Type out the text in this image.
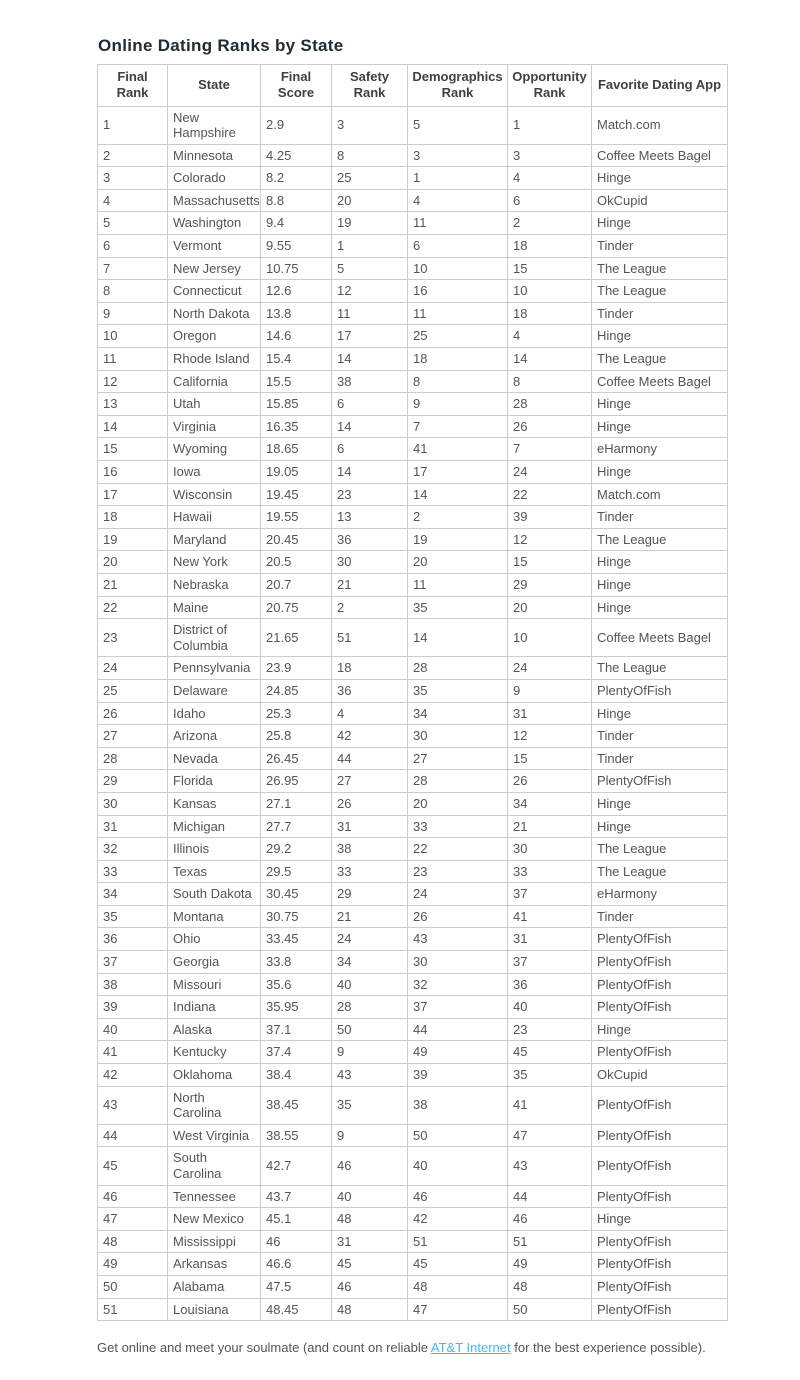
Online Dating Ranks by State
Final Rank	State	Final Score	Safety Rank	Demographics Rank	Opportunity Rank	Favorite Dating App
1	New Hampshire	2.9	3	5	1	Match.com
2	Minnesota	4.25	8	3	3	Coffee Meets Bagel
3	Colorado	8.2	25	1	4	Hinge
4	Massachusetts	8.8	20	4	6	OkCupid
5	Washington	9.4	19	11	2	Hinge
6	Vermont	9.55	1	6	18	Tinder
7	New Jersey	10.75	5	10	15	The League
8	Connecticut	12.6	12	16	10	The League
9	North Dakota	13.8	11	11	18	Tinder
10	Oregon	14.6	17	25	4	Hinge
11	Rhode Island	15.4	14	18	14	The League
12	California	15.5	38	8	8	Coffee Meets Bagel
13	Utah	15.85	6	9	28	Hinge
14	Virginia	16.35	14	7	26	Hinge
15	Wyoming	18.65	6	41	7	eHarmony
16	Iowa	19.05	14	17	24	Hinge
17	Wisconsin	19.45	23	14	22	Match.com
18	Hawaii	19.55	13	2	39	Tinder
19	Maryland	20.45	36	19	12	The League
20	New York	20.5	30	20	15	Hinge
21	Nebraska	20.7	21	11	29	Hinge
22	Maine	20.75	2	35	20	Hinge
23	District of Columbia	21.65	51	14	10	Coffee Meets Bagel
24	Pennsylvania	23.9	18	28	24	The League
25	Delaware	24.85	36	35	9	PlentyOfFish
26	Idaho	25.3	4	34	31	Hinge
27	Arizona	25.8	42	30	12	Tinder
28	Nevada	26.45	44	27	15	Tinder
29	Florida	26.95	27	28	26	PlentyOfFish
30	Kansas	27.1	26	20	34	Hinge
31	Michigan	27.7	31	33	21	Hinge
32	Illinois	29.2	38	22	30	The League
33	Texas	29.5	33	23	33	The League
34	South Dakota	30.45	29	24	37	eHarmony
35	Montana	30.75	21	26	41	Tinder
36	Ohio	33.45	24	43	31	PlentyOfFish
37	Georgia	33.8	34	30	37	PlentyOfFish
38	Missouri	35.6	40	32	36	PlentyOfFish
39	Indiana	35.95	28	37	40	PlentyOfFish
40	Alaska	37.1	50	44	23	Hinge
41	Kentucky	37.4	9	49	45	PlentyOfFish
42	Oklahoma	38.4	43	39	35	OkCupid
43	North Carolina	38.45	35	38	41	PlentyOfFish
44	West Virginia	38.55	9	50	47	PlentyOfFish
45	South Carolina	42.7	46	40	43	PlentyOfFish
46	Tennessee	43.7	40	46	44	PlentyOfFish
47	New Mexico	45.1	48	42	46	Hinge
48	Mississippi	46	31	51	51	PlentyOfFish
49	Arkansas	46.6	45	45	49	PlentyOfFish
50	Alabama	47.5	46	48	48	PlentyOfFish
51	Louisiana	48.45	48	47	50	PlentyOfFish

Get online and meet your soulmate (and count on reliable AT&T Internet for the best experience possible).
